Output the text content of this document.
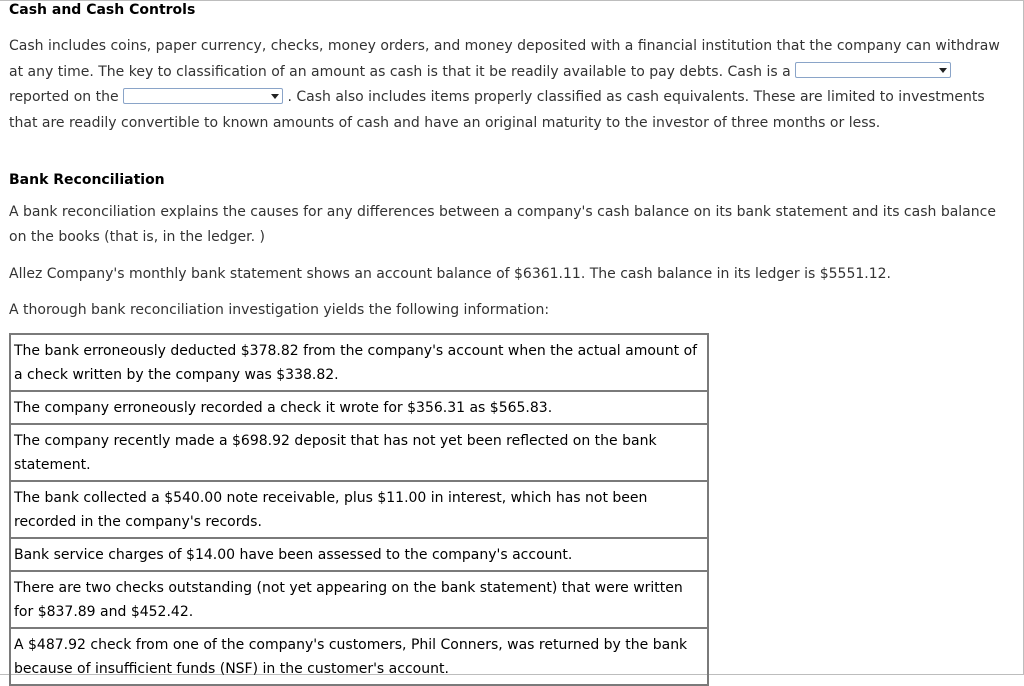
Cash and Cash Controls

Cash includes coins, paper currency, checks, money orders, and money deposited with a financial institution that the company can withdraw at any time. The key to classification of an amount as cash is that it be readily available to pay debts. Cash is a

reported on the	. Cash also includes items properly classified as cash equivalents. These are limited to investments that are readily convertible to known amounts of cash and have an original maturity to the investor of three months or less.

Bank Reconciliation

A bank reconciliation explains the causes for any differences between a company's cash balance on its bank statement and its cash balance on the books (that is, in the ledger. )

Allez Company's monthly bank statement shows an account balance of $6361.11. The cash balance in its ledger is $5551.12.

A thorough bank reconciliation investigation yields the following information:

The bank erroneously deducted $378.82 from the company's account when the actual amount of a check written by the company was $338.82.
The company erroneously recorded a check it wrote for $356.31 as $565.83.
The company recently made a $698.92 deposit that has not yet been reflected on the bank statement.
The bank collected a $540.00 note receivable, plus $11.00 in interest, which has not been recorded in the company's records.
Bank service charges of $14.00 have been assessed to the company's account.
There are two checks outstanding (not yet appearing on the bank statement) that were written for $837.89 and $452.42.
A $487.92 check from one of the company's customers, Phil Conners, was returned by the bank because of insufficient funds (NSF) in the customer's account.
